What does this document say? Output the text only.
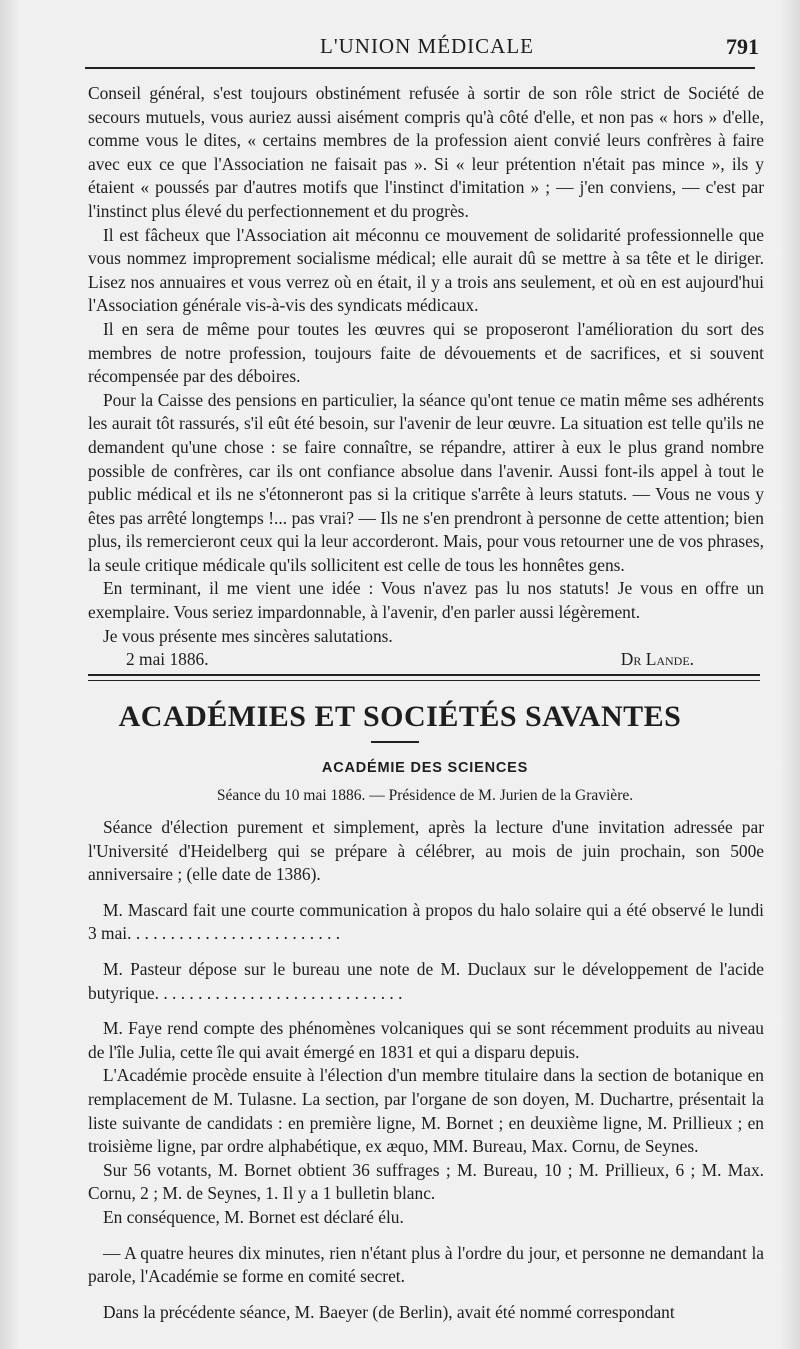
L'UNION MÉDICALE	791

Conseil général, s'est toujours obstinément refusée à sortir de son rôle strict de Société de secours mutuels, vous auriez aussi aisément compris qu'à côté d'elle, et non pas « hors » d'elle, comme vous le dites, « certains membres de la profession aient convié leurs confrères à faire avec eux ce que l'Association ne faisait pas ». Si « leur prétention n'était pas mince », ils y étaient « poussés par d'autres motifs que l'instinct d'imitation » ; — j'en conviens, — c'est par l'instinct plus élevé du perfectionnement et du progrès.

Il est fâcheux que l'Association ait méconnu ce mouvement de solidarité professionnelle que vous nommez improprement socialisme médical; elle aurait dû se mettre à sa tête et le diriger. Lisez nos annuaires et vous verrez où en était, il y a trois ans seulement, et où en est aujourd'hui l'Association générale vis-à-vis des syndicats médicaux.

Il en sera de même pour toutes les œuvres qui se proposeront l'amélioration du sort des membres de notre profession, toujours faite de dévouements et de sacrifices, et si souvent récompensée par des déboires.

Pour la Caisse des pensions en particulier, la séance qu'ont tenue ce matin même ses adhérents les aurait tôt rassurés, s'il eût été besoin, sur l'avenir de leur œuvre. La situation est telle qu'ils ne demandent qu'une chose : se faire connaître, se répandre, attirer à eux le plus grand nombre possible de confrères, car ils ont confiance absolue dans l'avenir. Aussi font-ils appel à tout le public médical et ils ne s'étonneront pas si la critique s'arrête à leurs statuts. — Vous ne vous y êtes pas arrêté longtemps !... pas vrai? — Ils ne s'en prendront à personne de cette attention; bien plus, ils remercieront ceux qui la leur accorderont. Mais, pour vous retourner une de vos phrases, la seule critique médicale qu'ils sollicitent est celle de tous les honnêtes gens.

En terminant, il me vient une idée : Vous n'avez pas lu nos statuts! Je vous en offre un exemplaire. Vous seriez impardonnable, à l'avenir, d'en parler aussi légèrement.

Je vous présente mes sincères salutations.

2 mai 1886.	Dr Lande.
ACADÉMIES ET SOCIÉTÉS SAVANTES
ACADÉMIE DES SCIENCES
Séance du 10 mai 1886. — Présidence de M. Jurien de la Gravière.

Séance d'élection purement et simplement, après la lecture d'une invitation adressée par l'Université d'Heidelberg qui se prépare à célébrer, au mois de juin prochain, son 500e anniversaire ; (elle date de 1386).

M. Mascard fait une courte communication à propos du halo solaire qui a été observé le lundi 3 mai. . . . . . . . . . . . . . . . . . . . . . . . .

M. Pasteur dépose sur le bureau une note de M. Duclaux sur le développement de l'acide butyrique. . . . . . . . . . . . . . . . . . . . . . . . . . . . .

M. Faye rend compte des phénomènes volcaniques qui se sont récemment produits au niveau de l'île Julia, cette île qui avait émergé en 1831 et qui a disparu depuis.

L'Académie procède ensuite à l'élection d'un membre titulaire dans la section de botanique en remplacement de M. Tulasne. La section, par l'organe de son doyen, M. Duchartre, présentait la liste suivante de candidats : en première ligne, M. Bornet ; en deuxième ligne, M. Prillieux ; en troisième ligne, par ordre alphabétique, ex æquo, MM. Bureau, Max. Cornu, de Seynes.

Sur 56 votants, M. Bornet obtient 36 suffrages ; M. Bureau, 10 ; M. Prillieux, 6 ; M. Max. Cornu, 2 ; M. de Seynes, 1. Il y a 1 bulletin blanc.

En conséquence, M. Bornet est déclaré élu.

— A quatre heures dix minutes, rien n'étant plus à l'ordre du jour, et personne ne demandant la parole, l'Académie se forme en comité secret.

Dans la précédente séance, M. Baeyer (de Berlin), avait été nommé correspondant
